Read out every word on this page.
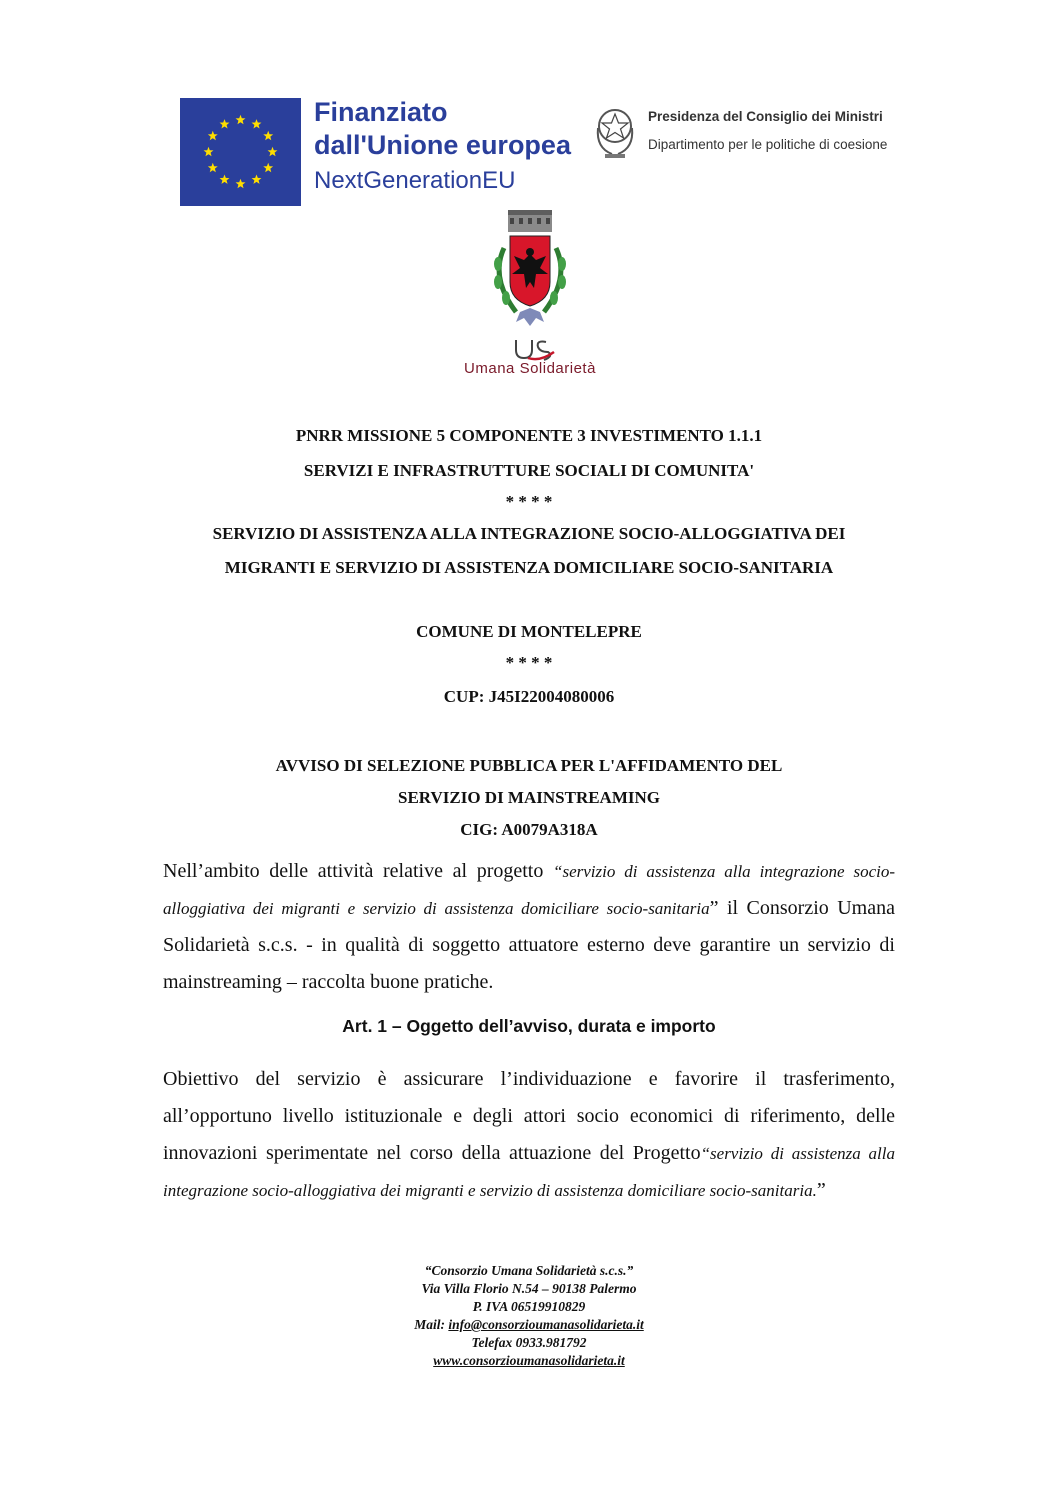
Finanziato
dall'Unione europea
NextGenerationEU
Presidenza del Consiglio dei Ministri
Dipartimento per le politiche di coesione
Umana Solidarietà
PNRR MISSIONE 5 COMPONENTE 3 INVESTIMENTO 1.1.1
SERVIZI E INFRASTRUTTURE SOCIALI DI COMUNITA'
* * * *
SERVIZIO DI ASSISTENZA ALLA INTEGRAZIONE SOCIO-ALLOGGIATIVA DEI
MIGRANTI E SERVIZIO DI ASSISTENZA DOMICILIARE SOCIO-SANITARIA
COMUNE DI MONTELEPRE
* * * *
CUP: J45I22004080006
AVVISO DI SELEZIONE PUBBLICA PER L'AFFIDAMENTO DEL
SERVIZIO DI MAINSTREAMING
CIG: A0079A318A
Nell’ambito delle attività relative al progetto “servizio di assistenza alla integrazione socio-alloggiativa dei migranti e servizio di assistenza domiciliare socio-sanitaria” il Consorzio Umana Solidarietà s.c.s. - in qualità di soggetto attuatore esterno deve garantire un servizio di mainstreaming – raccolta buone pratiche.
Art. 1 – Oggetto dell’avviso, durata e importo
Obiettivo del servizio è assicurare l’individuazione e favorire il trasferimento, all’opportuno livello istituzionale e degli attori socio economici di riferimento, delle innovazioni sperimentate nel corso della attuazione del Progetto“servizio di assistenza alla integrazione socio-alloggiativa dei migranti e servizio di assistenza domiciliare socio-sanitaria.”
“Consorzio Umana Solidarietà s.c.s.”
Via Villa Florio N.54 – 90138 Palermo
P. IVA 06519910829
Mail: info@consorzioumanasolidarieta.it
Telefax 0933.981792
www.consorzioumanasolidarieta.it
